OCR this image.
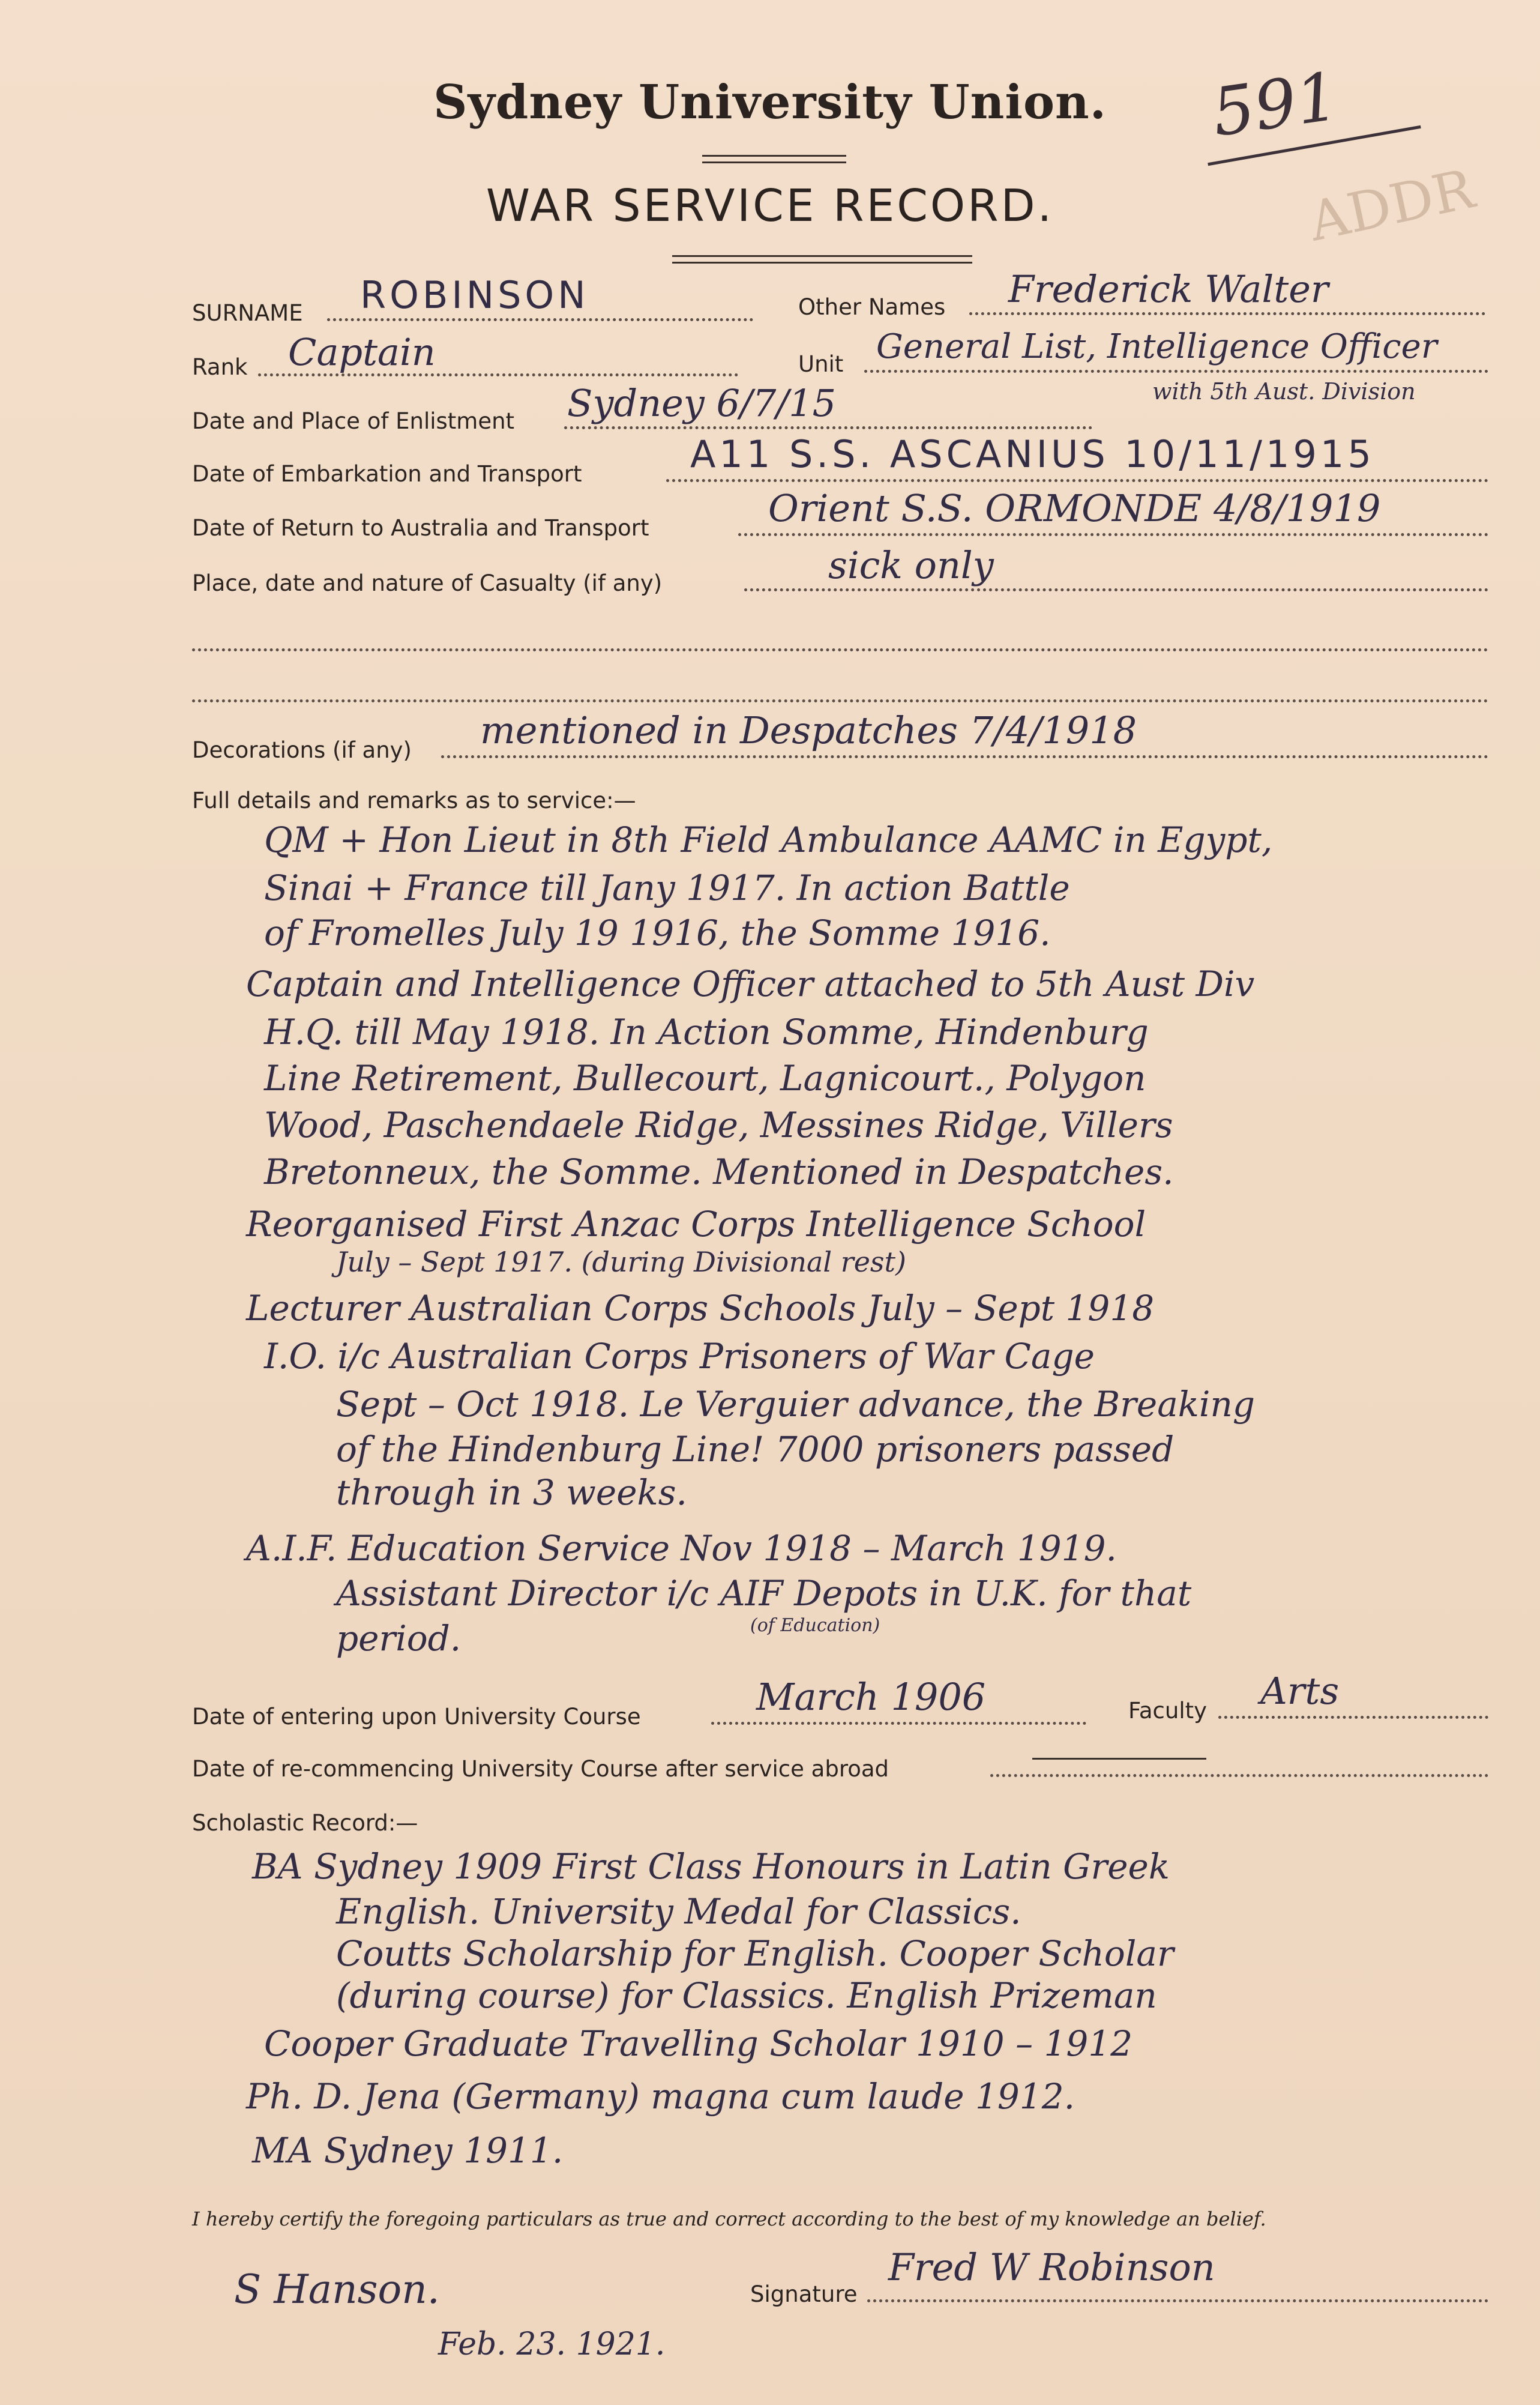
Sydney University Union.	591
ADDR
WAR SERVICE RECORD.
SURNAME ROBINSON	Other Names Frederick Walter
Rank Captain	Unit General List, Intelligence Officer
with 5th Aust. Division
Date and Place of Enlistment Sydney 6/7/15
Date of Embarkation and Transport	A11 S.S. ASCANIUS 10/11/1915
Date of Return to Australia and Transport	Orient S.S. ORMONDE 4/8/1919
Place, date and nature of Casualty (if any)	sick only
Decorations (if any) mentioned in Despatches 7/4/1918
Full details and remarks as to service:—
QM + Hon Lieut in 8th Field Ambulance AAMC in Egypt,
Sinai + France till Jany 1917. In action Battle
of Fromelles July 19 1916, the Somme 1916.
Captain and Intelligence Officer attached to 5th Aust Div
H.Q. till May 1918. In Action Somme, Hindenburg
Line Retirement, Bullecourt, Lagnicourt., Polygon
Wood, Paschendaele Ridge, Messines Ridge, Villers
Bretonneux, the Somme. Mentioned in Despatches.
Reorganised First Anzac Corps Intelligence School
July – Sept 1917. (during Divisional rest)
Lecturer Australian Corps Schools July – Sept 1918
I.O. i/c Australian Corps Prisoners of War Cage
Sept – Oct 1918. Le Verguier advance, the Breaking
of the Hindenburg Line! 7000 prisoners passed
through in 3 weeks.
A.I.F. Education Service Nov 1918 – March 1919.
Assistant Director i/c AIF Depots in U.K. for that
period.	(of Education)
Date of entering upon University Course	March 1906	Faculty Arts
Date of re-commencing University Course after service abroad
Scholastic Record:—
BA Sydney 1909 First Class Honours in Latin Greek
English. University Medal for Classics.
Coutts Scholarship for English. Cooper Scholar
(during course) for Classics. English Prizeman
Cooper Graduate Travelling Scholar 1910 – 1912
Ph. D. Jena (Germany) magna cum laude 1912.
MA Sydney 1911.
I hereby certify the foregoing particulars as true and correct according to the best of my knowledge an belief.
S Hanson.
Feb. 23. 1921.
Signature
Fred W Robinson
